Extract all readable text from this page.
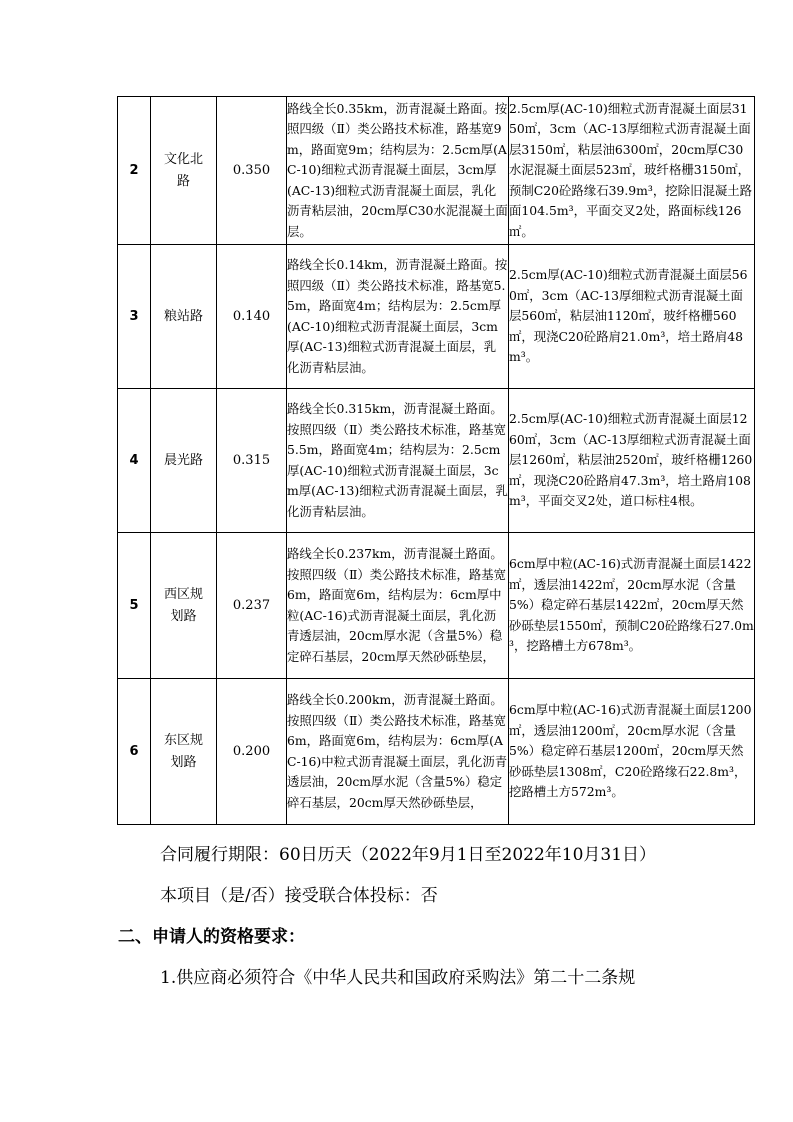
2	文化北路	0.350	路线全长0.35km，沥青混凝土路面。按照四级（Ⅱ）类公路技术标准，路基宽9m，路面宽9m；结构层为：2.5cm厚(AC-10)细粒式沥青混凝土面层，3cm厚(AC-13)细粒式沥青混凝土面层，乳化沥青粘层油，20cm厚C30水泥混凝土面层。	2.5cm厚(AC-10)细粒式沥青混凝土面层3150㎡，3cm（AC-13厚细粒式沥青混凝土面层3150㎡，粘层油6300㎡，20cm厚C30水泥混凝土面层523㎡，玻纤格栅3150㎡，预制C20砼路缘石39.9m³，挖除旧混凝土路面104.5m³，平面交叉2处，路面标线126㎡。
3	粮站路	0.140	路线全长0.14km，沥青混凝土路面。按照四级（Ⅱ）类公路技术标准，路基宽5.5m，路面宽4m；结构层为：2.5cm厚(AC-10)细粒式沥青混凝土面层，3cm厚(AC-13)细粒式沥青混凝土面层，乳化沥青粘层油。	2.5cm厚(AC-10)细粒式沥青混凝土面层560㎡，3cm（AC-13厚细粒式沥青混凝土面层560㎡，粘层油1120㎡，玻纤格栅560㎡，现浇C20砼路肩21.0m³，培土路肩48m³。
4	晨光路	0.315	路线全长0.315km，沥青混凝土路面。按照四级（Ⅱ）类公路技术标准，路基宽5.5m，路面宽4m；结构层为：2.5cm厚(AC-10)细粒式沥青混凝土面层，3cm厚(AC-13)细粒式沥青混凝土面层，乳化沥青粘层油。	2.5cm厚(AC-10)细粒式沥青混凝土面层1260㎡，3cm（AC-13厚细粒式沥青混凝土面层1260㎡，粘层油2520㎡，玻纤格栅1260㎡，现浇C20砼路肩47.3m³，培土路肩108m³，平面交叉2处，道口标柱4根。
5	西区规划路	0.237	路线全长0.237km，沥青混凝土路面。按照四级（Ⅱ）类公路技术标准，路基宽6m，路面宽6m，结构层为：6cm厚中粒(AC-16)式沥青混凝土面层，乳化沥青透层油，20cm厚水泥（含量5%）稳定碎石基层，20cm厚天然砂砾垫层，	6cm厚中粒(AC-16)式沥青混凝土面层1422㎡，透层油1422㎡，20cm厚水泥（含量5%）稳定碎石基层1422㎡，20cm厚天然砂砾垫层1550㎡，预制C20砼路缘石27.0m³，挖路槽土方678m³。
6	东区规划路	0.200	路线全长0.200km，沥青混凝土路面。按照四级（Ⅱ）类公路技术标准，路基宽6m，路面宽6m，结构层为：6cm厚(AC-16)中粒式沥青混凝土面层，乳化沥青透层油，20cm厚水泥（含量5%）稳定碎石基层，20cm厚天然砂砾垫层，	6cm厚中粒(AC-16)式沥青混凝土面层1200㎡，透层油1200㎡，20cm厚水泥（含量5%）稳定碎石基层1200㎡，20cm厚天然砂砾垫层1308㎡，C20砼路缘石22.8m³，挖路槽土方572m³。
合同履行期限：60日历天（2022年9月1日至2022年10月31日）
本项目（是/否）接受联合体投标：否
二、申请人的资格要求：
1.供应商必须符合《中华人民共和国政府采购法》第二十二条规
